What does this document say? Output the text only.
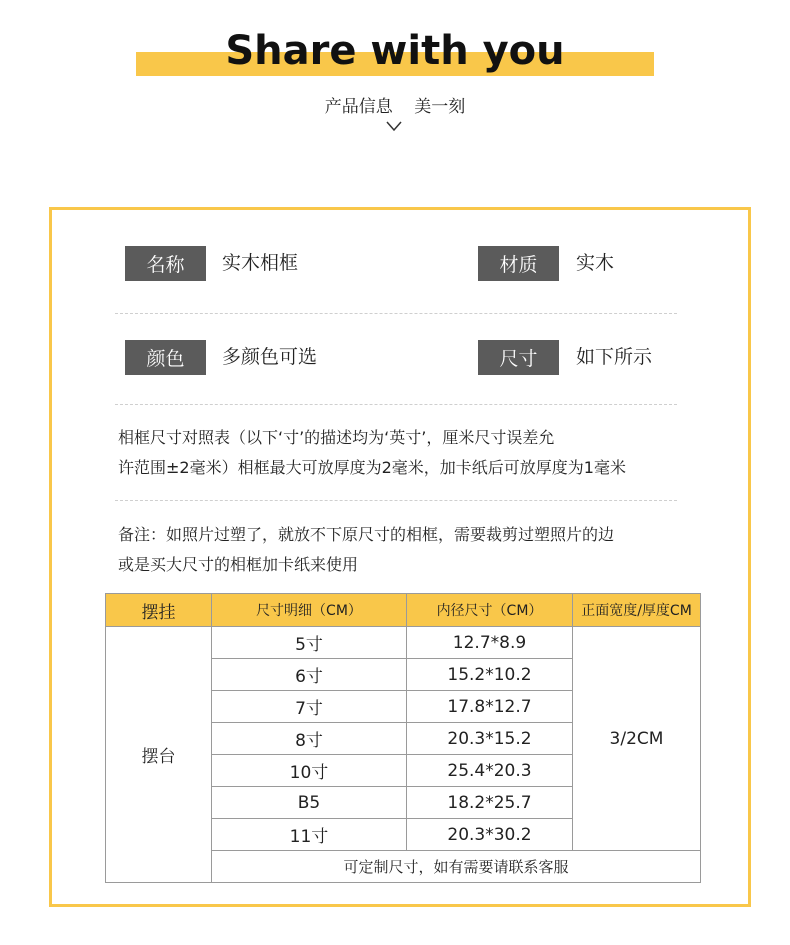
Share with you
产品信息 美一刻
名称	实木相框	材质	实木
颜色	多颜色可选	尺寸	如下所示
相框尺寸对照表（以下‘寸’的描述均为‘英寸’，厘米尺寸误差允
许范围±2毫米）相框最大可放厚度为2毫米，加卡纸后可放厚度为1毫米
备注：如照片过塑了，就放不下原尺寸的相框，需要裁剪过塑照片的边
或是买大尺寸的相框加卡纸来使用
摆挂	尺寸明细（CM）	内径尺寸（CM）	正面宽度/厚度CM
摆台	5寸	12.7*8.9	3/2CM
	6寸	15.2*10.2	
	7寸	17.8*12.7	
	8寸	20.3*15.2	
	10寸	25.4*20.3	
	B5	18.2*25.7	
	11寸	20.3*30.2	
	可定制尺寸，如有需要请联系客服		
